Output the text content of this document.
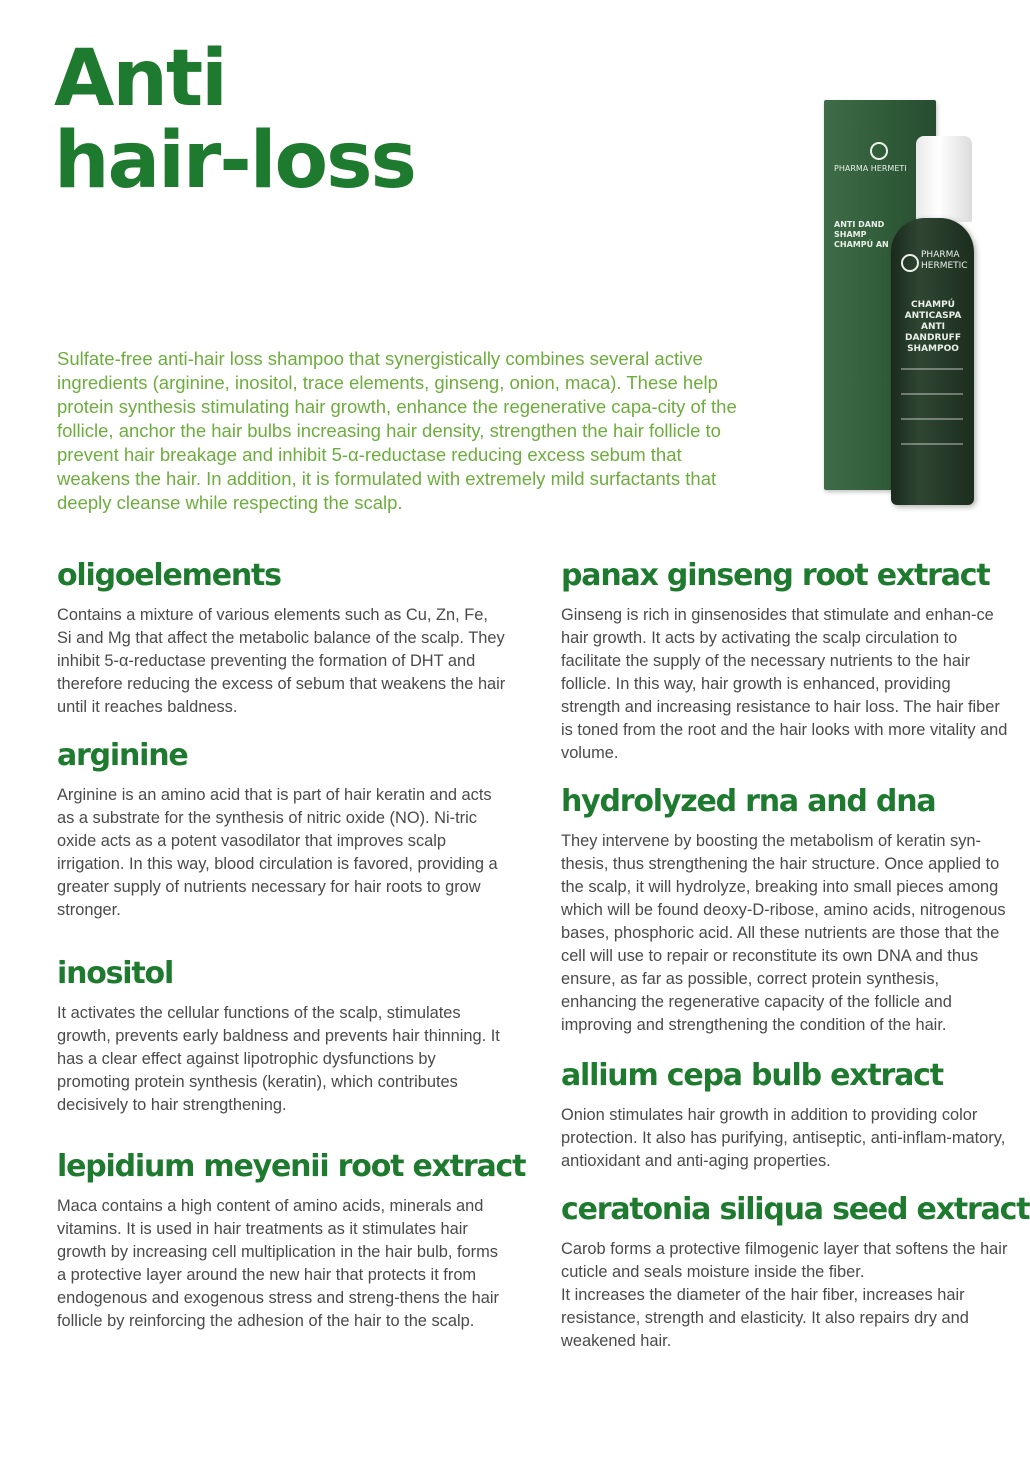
Anti
hair-loss	PHARMA HERMETI
ANTI DAND
SHAMP
CHAMPÚ AN
PHARMA
HERMETIC
CHAMPÚ
ANTICASPA
ANTI DANDRUFF
SHAMPOO

Sulfate-free anti-hair loss shampoo that synergistically combines several active ingredients (arginine, inositol, trace elements, ginseng, onion, maca). These help protein synthesis stimulating hair growth, enhance the regenerative capa-city of the follicle, anchor the hair bulbs increasing hair density, strengthen the hair follicle to prevent hair breakage and inhibit 5-α-reductase reducing excess sebum that weakens the hair. In addition, it is formulated with extremely mild surfactants that deeply cleanse while respecting the scalp.

oligoelements

Contains a mixture of various elements such as Cu, Zn, Fe, Si and Mg that affect the metabolic balance of the scalp. They inhibit 5-α-reductase preventing the formation of DHT and therefore reducing the excess of sebum that weakens the hair until it reaches baldness.

arginine

Arginine is an amino acid that is part of hair keratin and acts as a substrate for the synthesis of nitric oxide (NO). Ni-tric oxide acts as a potent vasodilator that improves scalp irrigation. In this way, blood circulation is favored, providing a greater supply of nutrients necessary for hair roots to grow stronger.

inositol

It activates the cellular functions of the scalp, stimulates growth, prevents early baldness and prevents hair thinning. It has a clear effect against lipotrophic dysfunctions by promoting protein synthesis (keratin), which contributes decisively to hair strengthening.

lepidium meyenii root extract

Maca contains a high content of amino acids, minerals and vitamins. It is used in hair treatments as it stimulates hair growth by increasing cell multiplication in the hair bulb, forms a protective layer around the new hair that protects it from endogenous and exogenous stress and streng-thens the hair follicle by reinforcing the adhesion of the hair to the scalp.

panax ginseng root extract

Ginseng is rich in ginsenosides that stimulate and enhan-ce hair growth. It acts by activating the scalp circulation to facilitate the supply of the necessary nutrients to the hair follicle. In this way, hair growth is enhanced, providing strength and increasing resistance to hair loss. The hair fiber is toned from the root and the hair looks with more vitality and volume.

hydrolyzed rna and dna

They intervene by boosting the metabolism of keratin syn-thesis, thus strengthening the hair structure. Once applied to the scalp, it will hydrolyze, breaking into small pieces among which will be found deoxy-D-ribose, amino acids, nitrogenous bases, phosphoric acid. All these nutrients are those that the cell will use to repair or reconstitute its own DNA and thus ensure, as far as possible, correct protein synthesis, enhancing the regenerative capacity of the follicle and improving and strengthening the condition of the hair.

allium cepa bulb extract

Onion stimulates hair growth in addition to providing color protection. It also has purifying, antiseptic, anti-inflam-matory, antioxidant and anti-aging properties.

ceratonia siliqua seed extract

Carob forms a protective filmogenic layer that softens the hair cuticle and seals moisture inside the fiber.

It increases the diameter of the hair fiber, increases hair resistance, strength and elasticity. It also repairs dry and weakened hair.
